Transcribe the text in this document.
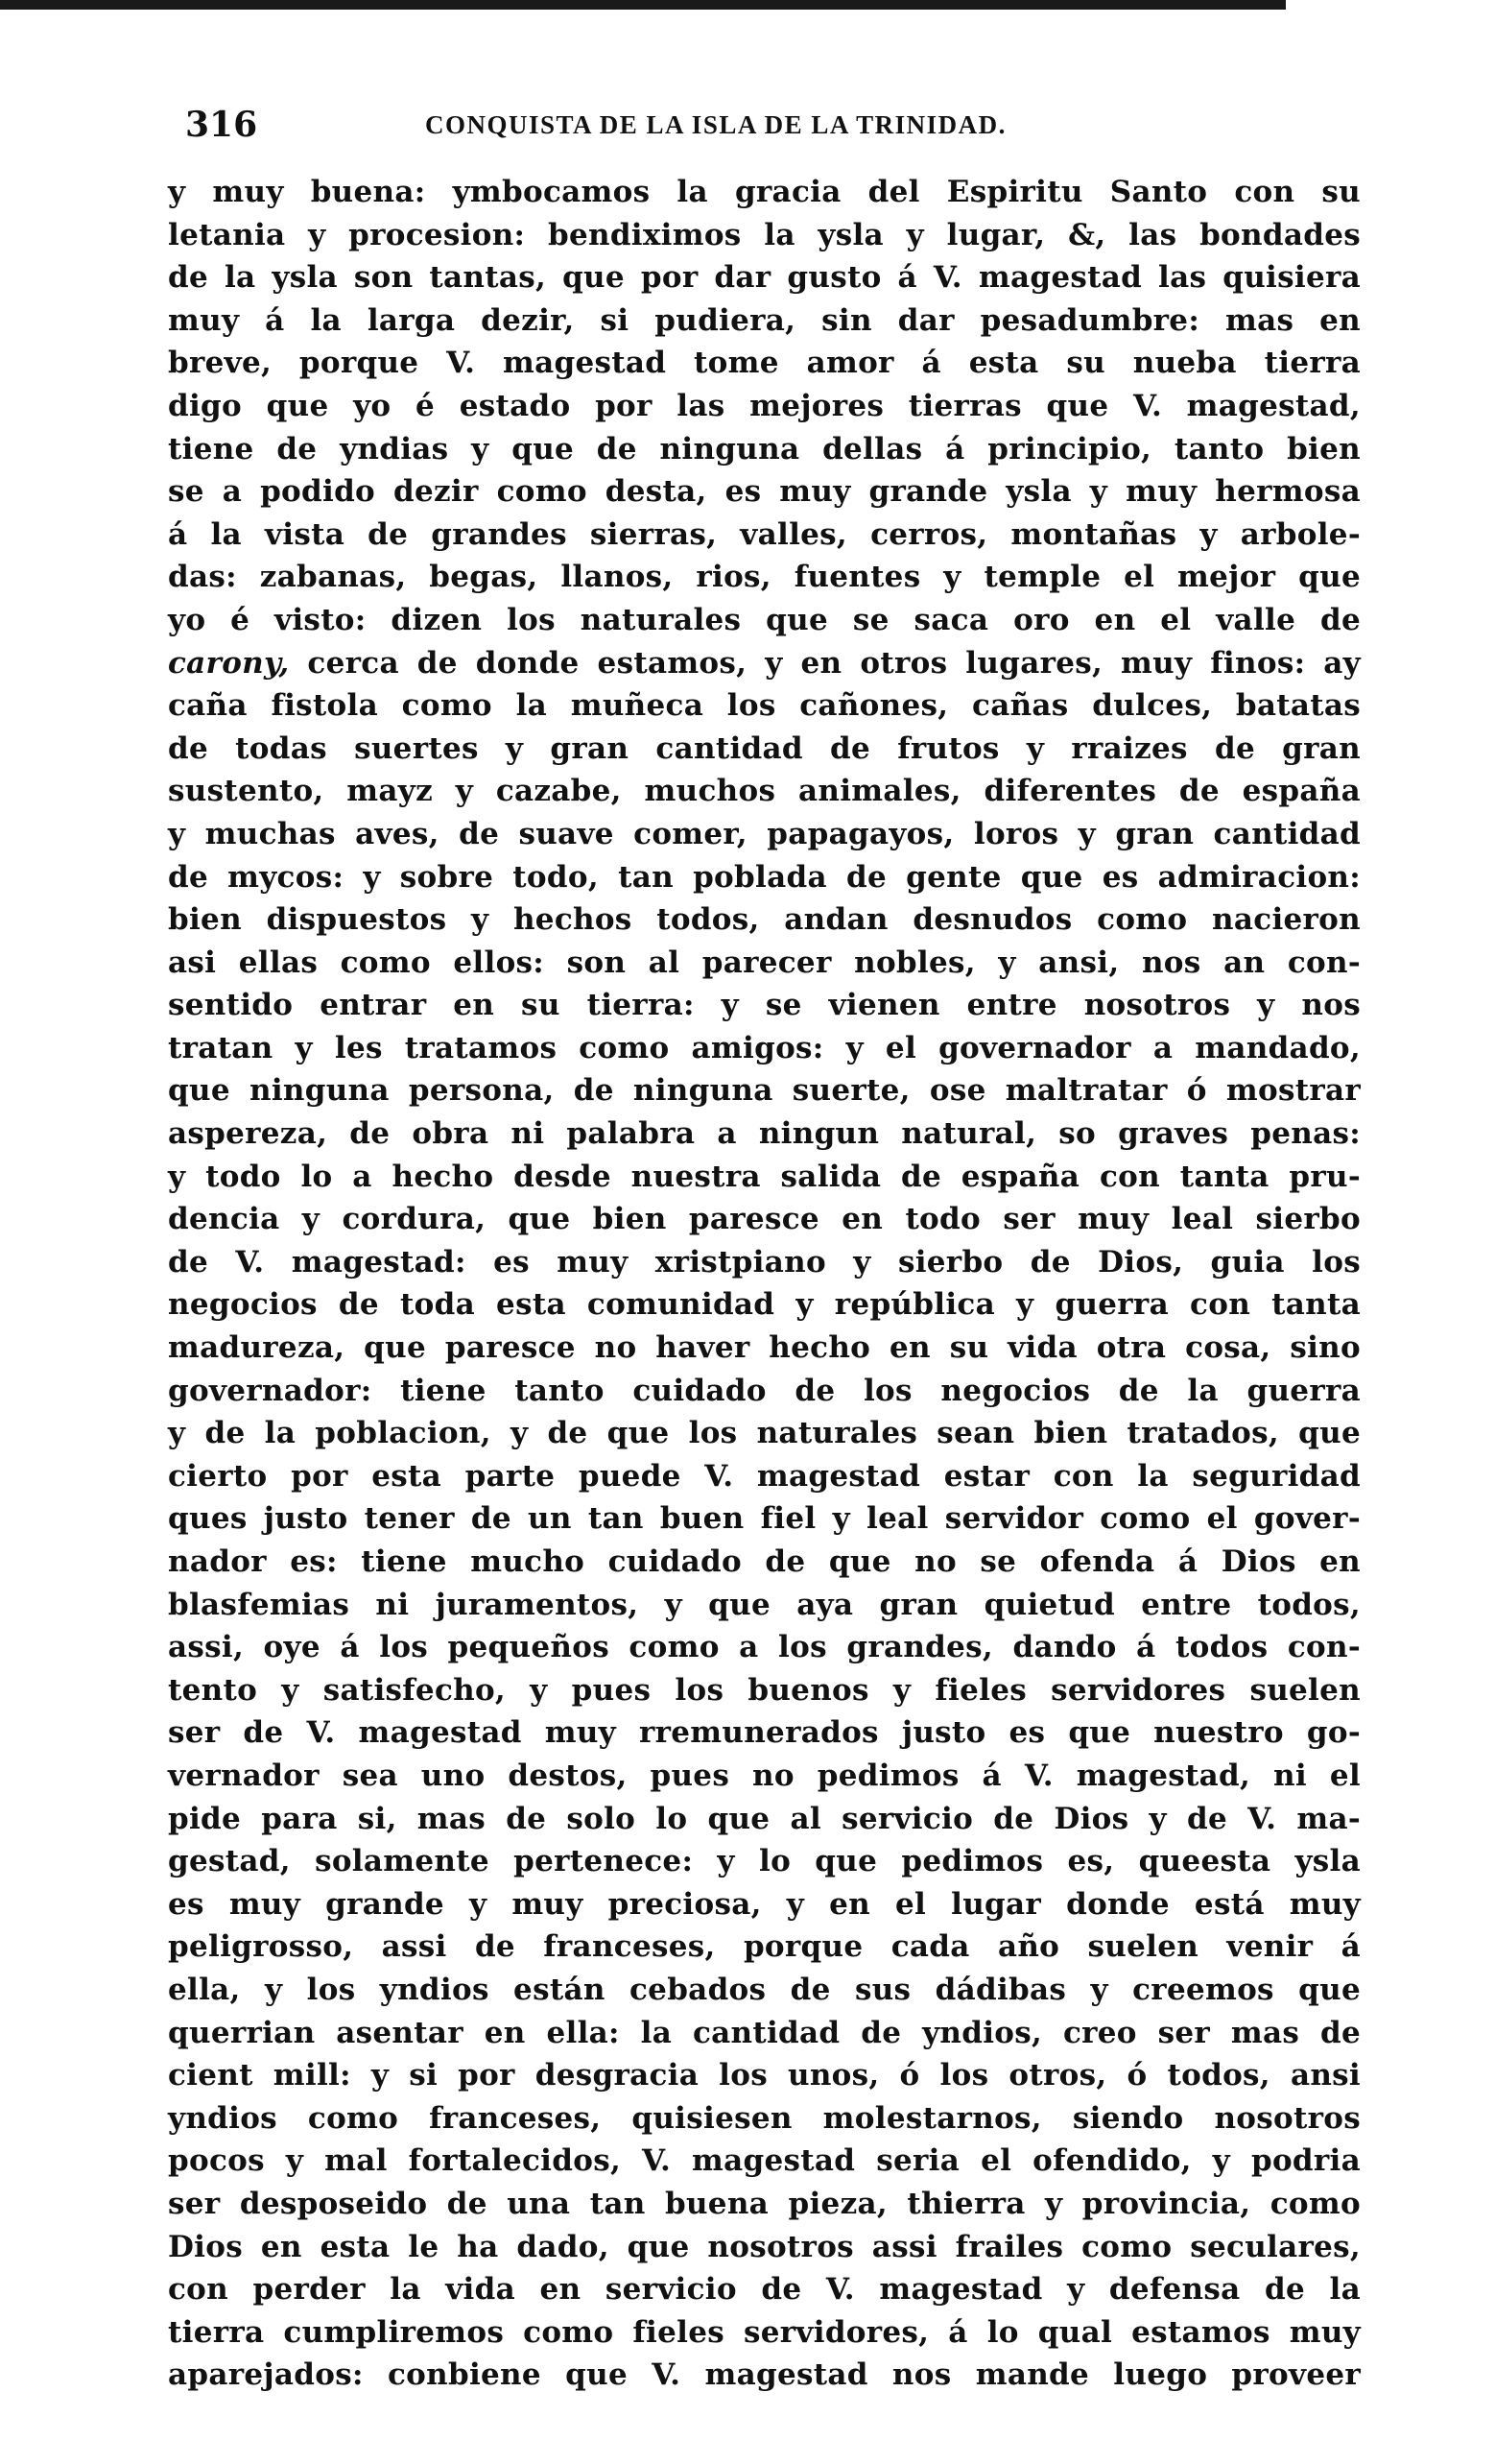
316	CONQUISTA DE LA ISLA DE LA TRINIDAD.
y muy buena: ymbocamos la gracia del Espiritu Santo con su
letania y procesion: bendiximos la ysla y lugar, &, las bondades
de la ysla son tantas, que por dar gusto á V. magestad las quisiera
muy á la larga dezir, si pudiera, sin dar pesadumbre: mas en
breve, porque V. magestad tome amor á esta su nueba tierra
digo que yo é estado por las mejores tierras que V. magestad,
tiene de yndias y que de ninguna dellas á principio, tanto bien
se a podido dezir como desta, es muy grande ysla y muy hermosa
á la vista de grandes sierras, valles, cerros, montañas y arbole-
das: zabanas, begas, llanos, rios, fuentes y temple el mejor que
yo é visto: dizen los naturales que se saca oro en el valle de
carony, cerca de donde estamos, y en otros lugares, muy finos: ay
caña fistola como la muñeca los cañones, cañas dulces, batatas
de todas suertes y gran cantidad de frutos y rraizes de gran
sustento, mayz y cazabe, muchos animales, diferentes de españa
y muchas aves, de suave comer, papagayos, loros y gran cantidad
de mycos: y sobre todo, tan poblada de gente que es admiracion:
bien dispuestos y hechos todos, andan desnudos como nacieron
asi ellas como ellos: son al parecer nobles, y ansi, nos an con-
sentido entrar en su tierra: y se vienen entre nosotros y nos
tratan y les tratamos como amigos: y el governador a mandado,
que ninguna persona, de ninguna suerte, ose maltratar ó mostrar
aspereza, de obra ni palabra a ningun natural, so graves penas:
y todo lo a hecho desde nuestra salida de españa con tanta pru-
dencia y cordura, que bien paresce en todo ser muy leal sierbo
de V. magestad: es muy xristpiano y sierbo de Dios, guia los
negocios de toda esta comunidad y república y guerra con tanta
madureza, que paresce no haver hecho en su vida otra cosa, sino
governador: tiene tanto cuidado de los negocios de la guerra
y de la poblacion, y de que los naturales sean bien tratados, que
cierto por esta parte puede V. magestad estar con la seguridad
ques justo tener de un tan buen fiel y leal servidor como el gover-
nador es: tiene mucho cuidado de que no se ofenda á Dios en
blasfemias ni juramentos, y que aya gran quietud entre todos,
assi, oye á los pequeños como a los grandes, dando á todos con-
tento y satisfecho, y pues los buenos y fieles servidores suelen
ser de V. magestad muy rremunerados justo es que nuestro go-
vernador sea uno destos, pues no pedimos á V. magestad, ni el
pide para si, mas de solo lo que al servicio de Dios y de V. ma-
gestad, solamente pertenece: y lo que pedimos es, queesta ysla
es muy grande y muy preciosa, y en el lugar donde está muy
peligrosso, assi de franceses, porque cada año suelen venir á
ella, y los yndios están cebados de sus dádibas y creemos que
querrian asentar en ella: la cantidad de yndios, creo ser mas de
cient mill: y si por desgracia los unos, ó los otros, ó todos, ansi
yndios como franceses, quisiesen molestarnos, siendo nosotros
pocos y mal fortalecidos, V. magestad seria el ofendido, y podria
ser desposeido de una tan buena pieza, thierra y provincia, como
Dios en esta le ha dado, que nosotros assi frailes como seculares,
con perder la vida en servicio de V. magestad y defensa de la
tierra cumpliremos como fieles servidores, á lo qual estamos muy
aparejados: conbiene que V. magestad nos mande luego proveer
